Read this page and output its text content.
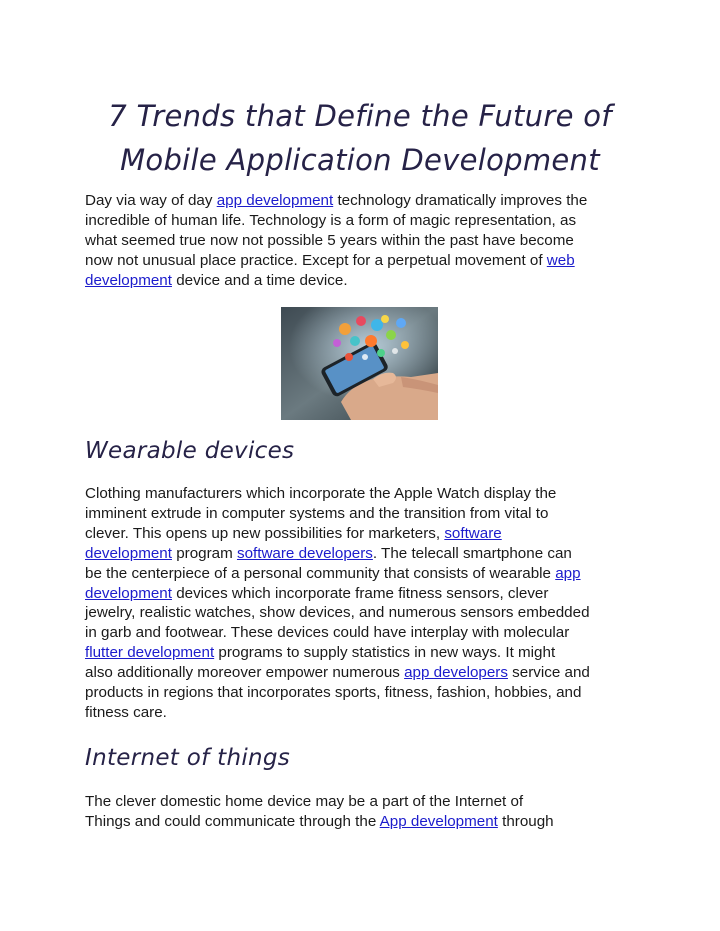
7 Trends that Define the Future of
Mobile Application Development

Day via way of day app development technology dramatically improves the
incredible of human life. Technology is a form of magic representation, as
what seemed true now not possible 5 years within the past have become
now not unusual place practice. Except for a perpetual movement of web
development device and a time device.

Wearable devices

Clothing manufacturers which incorporate the Apple Watch display the
imminent extrude in computer systems and the transition from vital to
clever. This opens up new possibilities for marketers, software
development program software developers. The telecall smartphone can
be the centerpiece of a personal community that consists of wearable app
development devices which incorporate frame fitness sensors, clever
jewelry, realistic watches, show devices, and numerous sensors embedded
in garb and footwear. These devices could have interplay with molecular
flutter development programs to supply statistics in new ways. It might
also additionally moreover empower numerous app developers service and
products in regions that incorporates sports, fitness, fashion, hobbies, and
fitness care.

Internet of things

The clever domestic home device may be a part of the Internet of
Things and could communicate through the App development through
